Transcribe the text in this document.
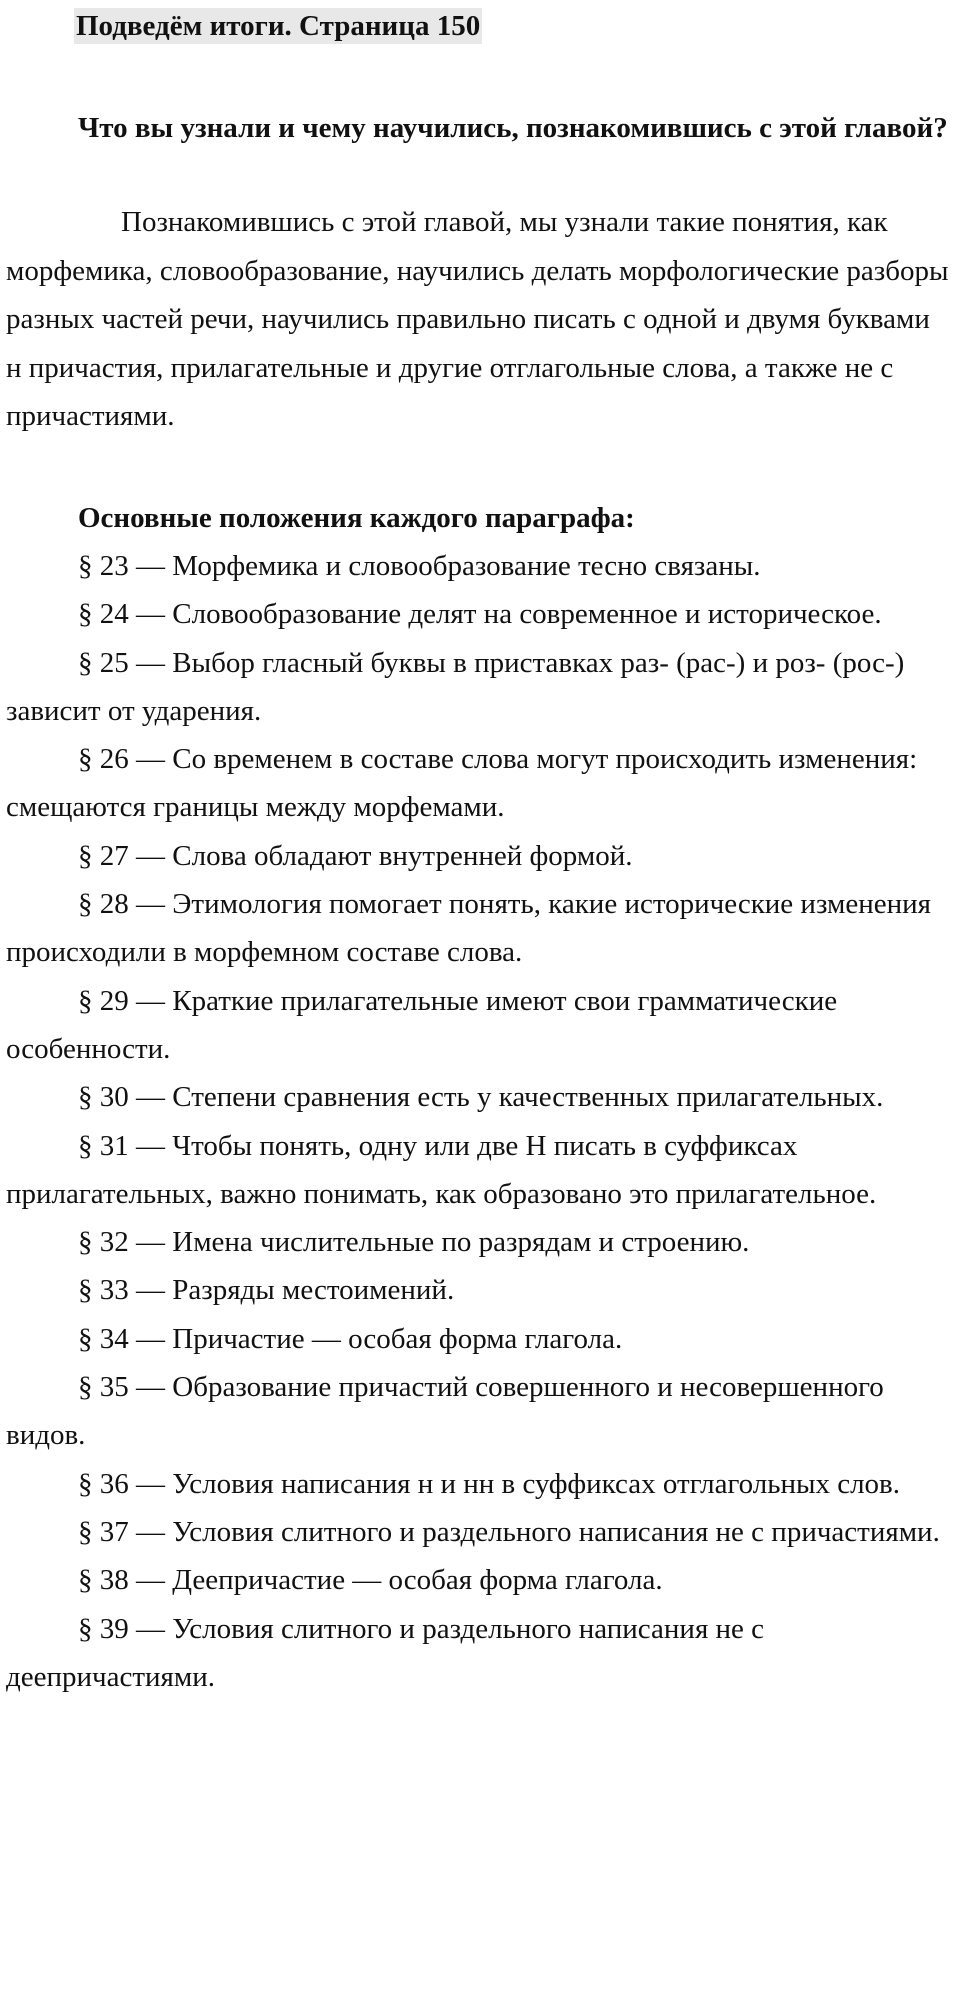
Подведём итоги. Страница 150

Что вы узнали и чему научились, познакомившись с этой главой?

Познакомившись с этой главой, мы узнали такие понятия, как морфемика, словообразование, научились делать морфологические разборы разных частей речи, научились правильно писать с одной и двумя буквами н причастия, прилагательные и другие отглагольные слова, а также не с причастиями.

Основные положения каждого параграфа:
§ 23 — Морфемика и словообразование тесно связаны.
§ 24 — Словообразование делят на современное и историческое.
§ 25 — Выбор гласный буквы в приставках раз- (рас-) и роз- (рос-) зависит от ударения.
§ 26 — Со временем в составе слова могут происходить изменения: смещаются границы между морфемами.
§ 27 — Слова обладают внутренней формой.
§ 28 — Этимология помогает понять, какие исторические изменения происходили в морфемном составе слова.
§ 29 — Краткие прилагательные имеют свои грамматические особенности.
§ 30 — Степени сравнения есть у качественных прилагательных.
§ 31 — Чтобы понять, одну или две Н писать в суффиксах прилагательных, важно понимать, как образовано это прилагательное.
§ 32 — Имена числительные по разрядам и строению.
§ 33 — Разряды местоимений.
§ 34 — Причастие — особая форма глагола.
§ 35 — Образование причастий совершенного и несовершенного видов.
§ 36 — Условия написания н и нн в суффиксах отглагольных слов.
§ 37 — Условия слитного и раздельного написания не с причастиями.
§ 38 — Деепричастие — особая форма глагола.
§ 39 — Условия слитного и раздельного написания не с деепричастиями.
